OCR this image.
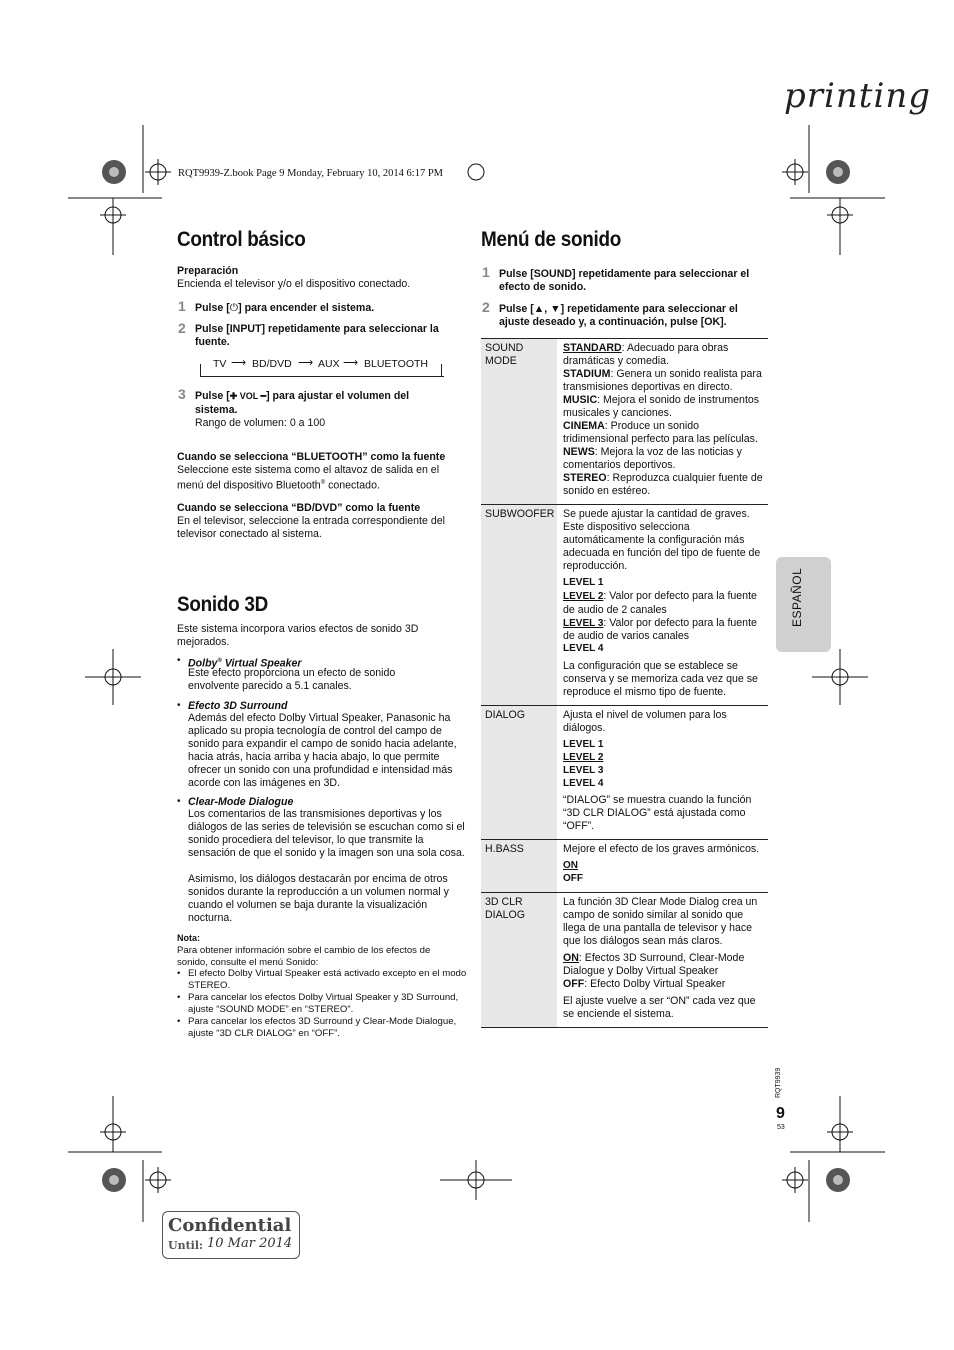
printing
RQT9939-Z.book Page 9 Monday, February 10, 2014 6:17 PM
Control básico
Preparación
Encienda el televisor y/o el dispositivo conectado.
1 Pulse [⏻] para encender el sistema.
2 Pulse [INPUT] repetidamente para seleccionar la fuente.
TV ⟶ BD/DVD ⟶ AUX ⟶ BLUETOOTH
3 Pulse [✚ VOL ━] para ajustar el volumen del
sistema.
Rango de volumen: 0 a 100
Cuando se selecciona “BLUETOOTH” como la fuente
Seleccione este sistema como el altavoz de salida en el
menú del dispositivo Bluetooth® conectado.
Cuando se selecciona “BD/DVD” como la fuente
En el televisor, seleccione la entrada correspondiente del televisor conectado al sistema.
Sonido 3D
Este sistema incorpora varios efectos de sonido 3D mejorados.
• Dolby® Virtual Speaker
Este efecto proporciona un efecto de sonido envolvente parecido a 5.1 canales.
• Efecto 3D Surround
Además del efecto Dolby Virtual Speaker, Panasonic ha aplicado su propia tecnología de control del campo de sonido para expandir el campo de sonido hacia adelante, hacia atrás, hacia arriba y hacia abajo, lo que permite ofrecer un sonido con una profundidad e intensidad más acorde con las imágenes en 3D.
• Clear-Mode Dialogue
Los comentarios de las transmisiones deportivas y los diálogos de las series de televisión se escuchan como si el sonido procediera del televisor, lo que transmite la sensación de que el sonido y la imagen son una sola cosa.
Asimismo, los diálogos destacarán por encima de otros sonidos durante la reproducción a un volumen normal y cuando el volumen se baja durante la visualización nocturna.
Nota:
Para obtener información sobre el cambio de los efectos de sonido, consulte el menú Sonido:
• El efecto Dolby Virtual Speaker está activado excepto en el modo STEREO.
• Para cancelar los efectos Dolby Virtual Speaker y 3D Surround, ajuste “SOUND MODE” en “STEREO”.
• Para cancelar los efectos 3D Surround y Clear-Mode Dialogue, ajuste “3D CLR DIALOG” en “OFF”.
Menú de sonido
1 Pulse [SOUND] repetidamente para seleccionar el efecto de sonido.
2 Pulse [▲, ▼] repetidamente para seleccionar el ajuste deseado y, a continuación, pulse [OK].
SOUND
MODE
STANDARD: Adecuado para obras dramáticas y comedia.
STADIUM: Genera un sonido realista para transmisiones deportivas en directo.
MUSIC: Mejora el sonido de instrumentos musicales y canciones.
CINEMA: Produce un sonido tridimensional perfecto para las películas.
NEWS: Mejora la voz de las noticias y comentarios deportivos.
STEREO: Reproduzca cualquier fuente de sonido en estéreo.
SUBWOOFER Se puede ajustar la cantidad de graves. Este dispositivo selecciona automáticamente la configuración más adecuada en función del tipo de fuente de reproducción.
LEVEL 1
LEVEL 2: Valor por defecto para la fuente de audio de 2 canales
LEVEL 3: Valor por defecto para la fuente de audio de varios canales
LEVEL 4
La configuración que se establece se conserva y se memoriza cada vez que se reproduce el mismo tipo de fuente.
DIALOG	Ajusta el nivel de volumen para los diálogos.
LEVEL 1
LEVEL 2
LEVEL 3
LEVEL 4
“DIALOG” se muestra cuando la función “3D CLR DIALOG” está ajustada como “OFF”.
H.BASS	Mejore el efecto de los graves armónicos.
ON
OFF
3D CLR
DIALOG
La función 3D Clear Mode Dialog crea un campo de sonido similar al sonido que llega de una pantalla de televisor y hace que los diálogos sean más claros.
ON: Efectos 3D Surround, Clear-Mode Dialogue y Dolby Virtual Speaker
OFF: Efecto Dolby Virtual Speaker
El ajuste vuelve a ser “ON” cada vez que se enciende el sistema.
ESPAÑOL
RQT9939
9
53
Confidential
Until: 10 Mar 2014
